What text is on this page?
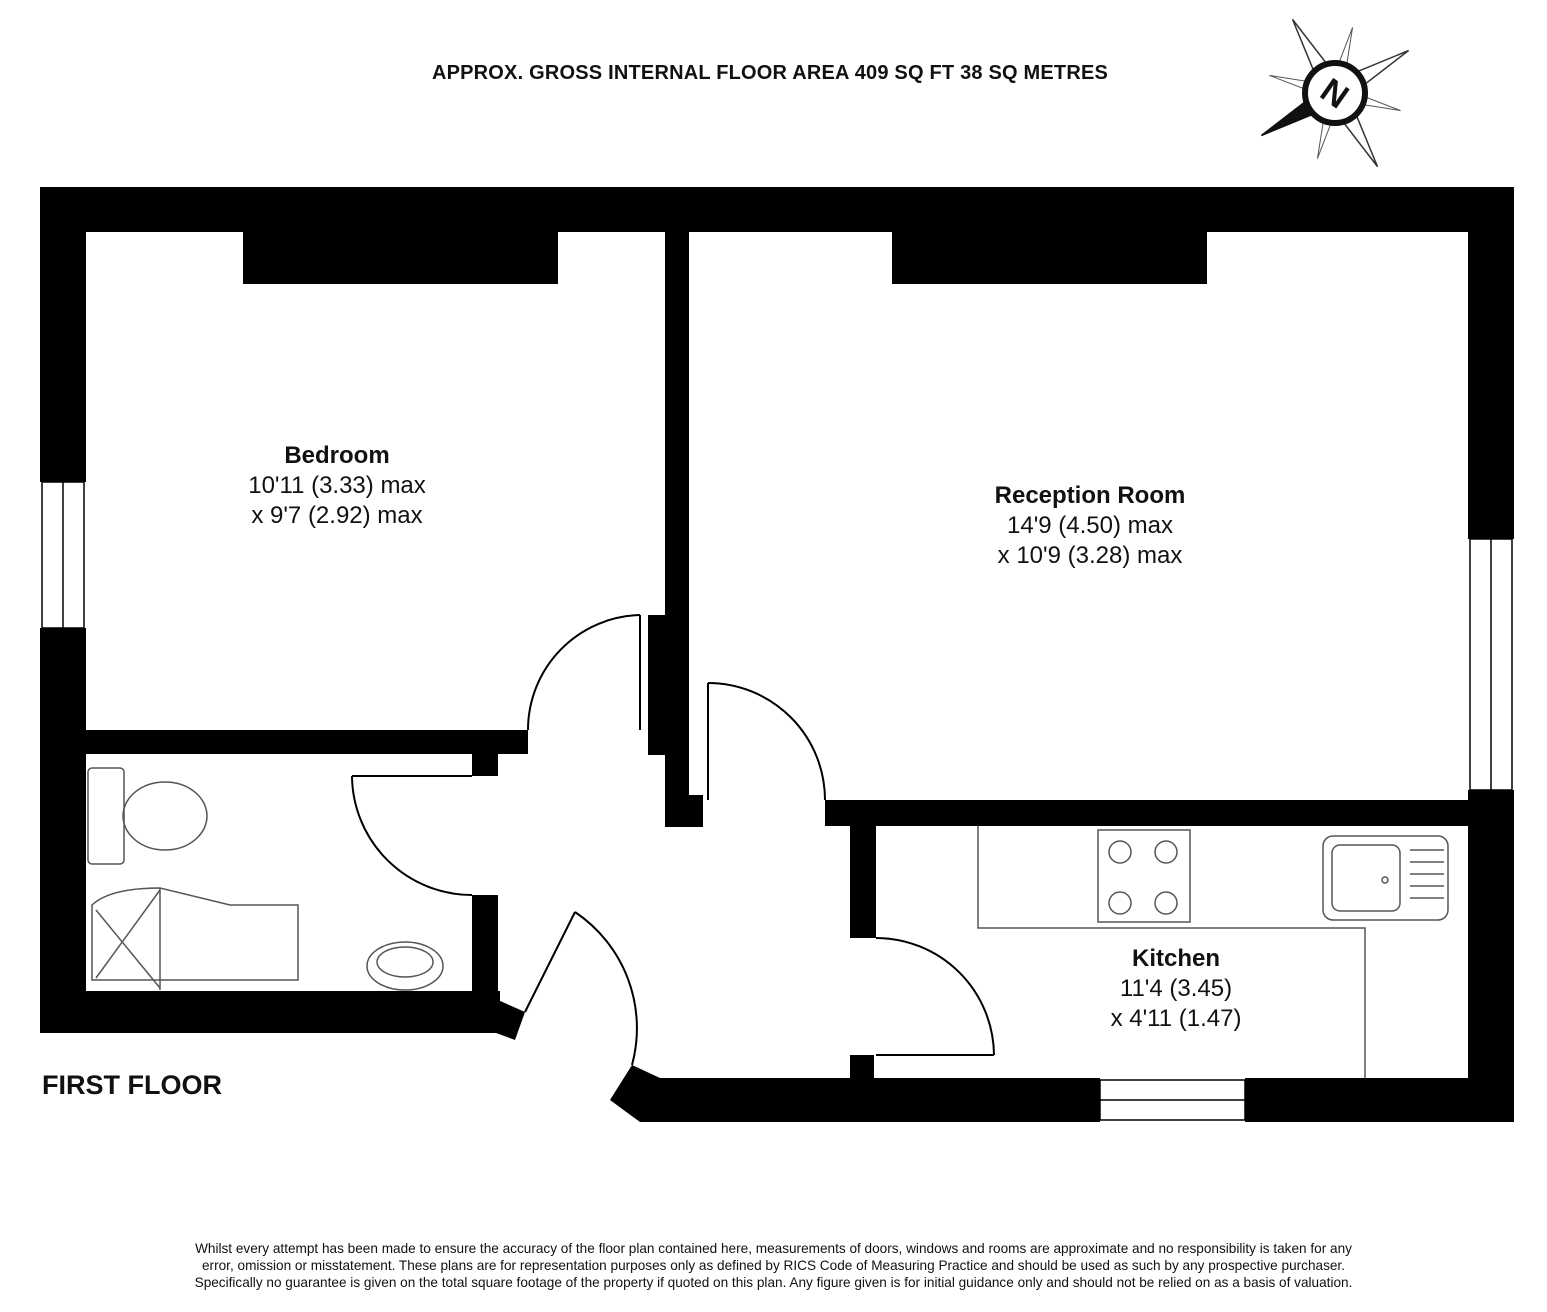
APPROX. GROSS INTERNAL FLOOR AREA 409 SQ FT 38 SQ METRES	N
Bedroom
10'11 (3.33) max
x 9'7 (2.92) max
Reception Room
14'9 (4.50) max
x 10'9 (3.28) max
Kitchen
11'4 (3.45)
x 4'11 (1.47)
FIRST FLOOR
Whilst every attempt has been made to ensure the accuracy of the floor plan contained here, measurements of doors, windows and rooms are approximate and no responsibility is taken for any
error, omission or misstatement. These plans are for representation purposes only as defined by RICS Code of Measuring Practice and should be used as such by any prospective purchaser.
Specifically no guarantee is given on the total square footage of the property if quoted on this plan. Any figure given is for initial guidance only and should not be relied on as a basis of valuation.
